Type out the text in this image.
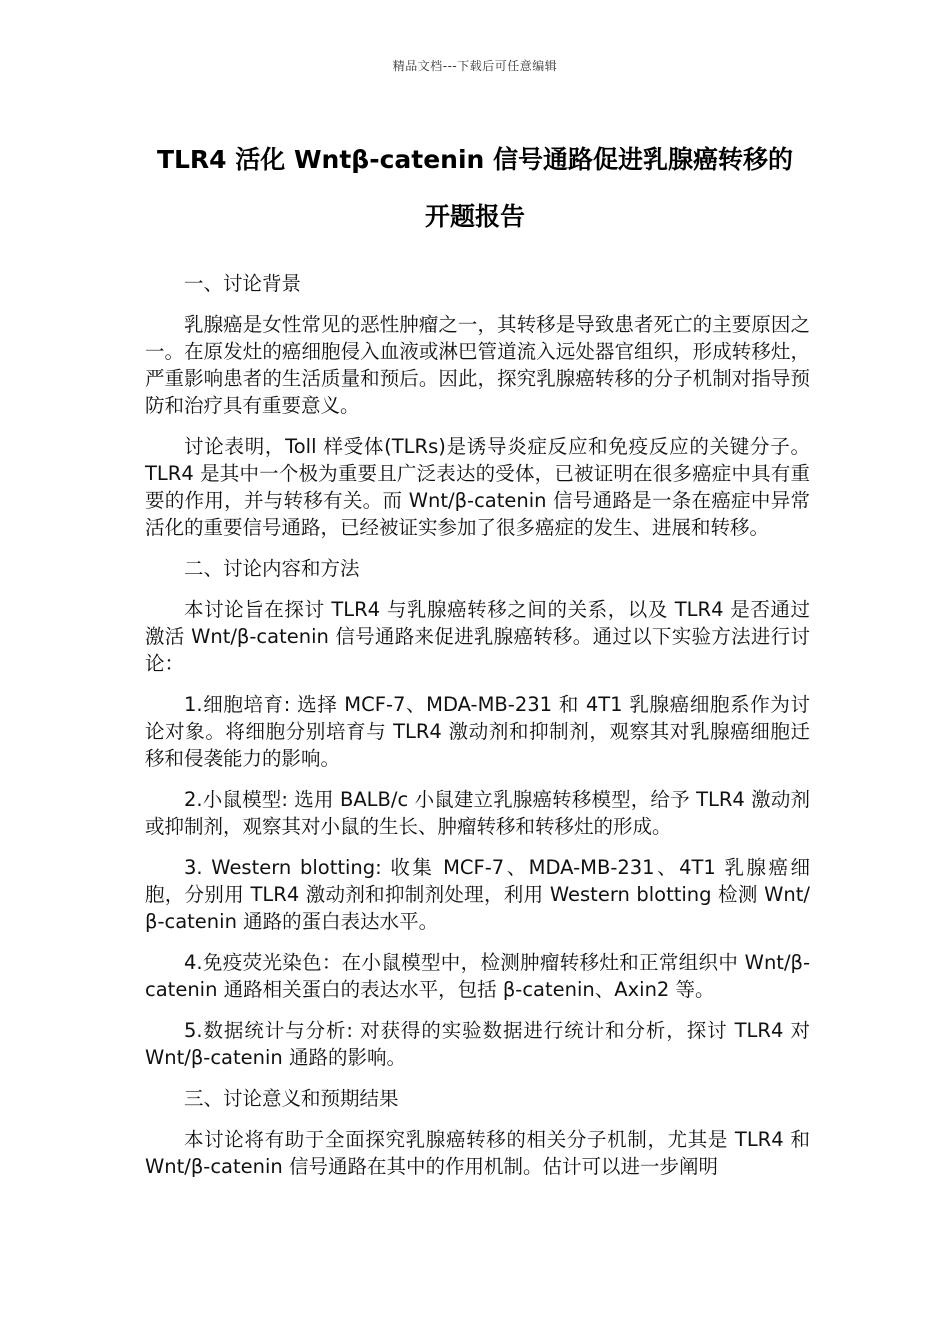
精品文档---下载后可任意编辑
TLR4 活化 Wntβ-catenin 信号通路促进乳腺癌转移的
开题报告

一、讨论背景

乳腺癌是女性常见的恶性肿瘤之一，其转移是导致患者死亡的主要原因之一。在原发灶的癌细胞侵入血液或淋巴管道流入远处器官组织，形成转移灶，严重影响患者的生活质量和预后。因此，探究乳腺癌转移的分子机制对指导预防和治疗具有重要意义。

讨论表明，Toll 样受体(TLRs)是诱导炎症反应和免疫反应的关键分子。TLR4 是其中一个极为重要且广泛表达的受体，已被证明在很多癌症中具有重要的作用，并与转移有关。而 Wnt/β-catenin 信号通路是一条在癌症中异常活化的重要信号通路，已经被证实参加了很多癌症的发生、进展和转移。

二、讨论内容和方法

本讨论旨在探讨 TLR4 与乳腺癌转移之间的关系，以及 TLR4 是否通过激活 Wnt/β-catenin 信号通路来促进乳腺癌转移。通过以下实验方法进行讨论：

1.细胞培育: 选择 MCF-7、MDA-MB-231 和 4T1 乳腺癌细胞系作为讨论对象。将细胞分别培育与 TLR4 激动剂和抑制剂，观察其对乳腺癌细胞迁移和侵袭能力的影响。

2.小鼠模型: 选用 BALB/c 小鼠建立乳腺癌转移模型，给予 TLR4 激动剂或抑制剂，观察其对小鼠的生长、肿瘤转移和转移灶的形成。

3. Western blotting: 收集 MCF-7、MDA-MB-231、4T1 乳腺癌细胞，分别用 TLR4 激动剂和抑制剂处理，利用 Western blotting 检测 Wnt/β-catenin 通路的蛋白表达水平。

4.免疫荧光染色：在小鼠模型中，检测肿瘤转移灶和正常组织中 Wnt/β-catenin 通路相关蛋白的表达水平，包括 β-catenin、Axin2 等。

5.数据统计与分析: 对获得的实验数据进行统计和分析，探讨 TLR4 对 Wnt/β-catenin 通路的影响。

三、讨论意义和预期结果

本讨论将有助于全面探究乳腺癌转移的相关分子机制，尤其是 TLR4 和 Wnt/β-catenin 信号通路在其中的作用机制。估计可以进一步阐明
